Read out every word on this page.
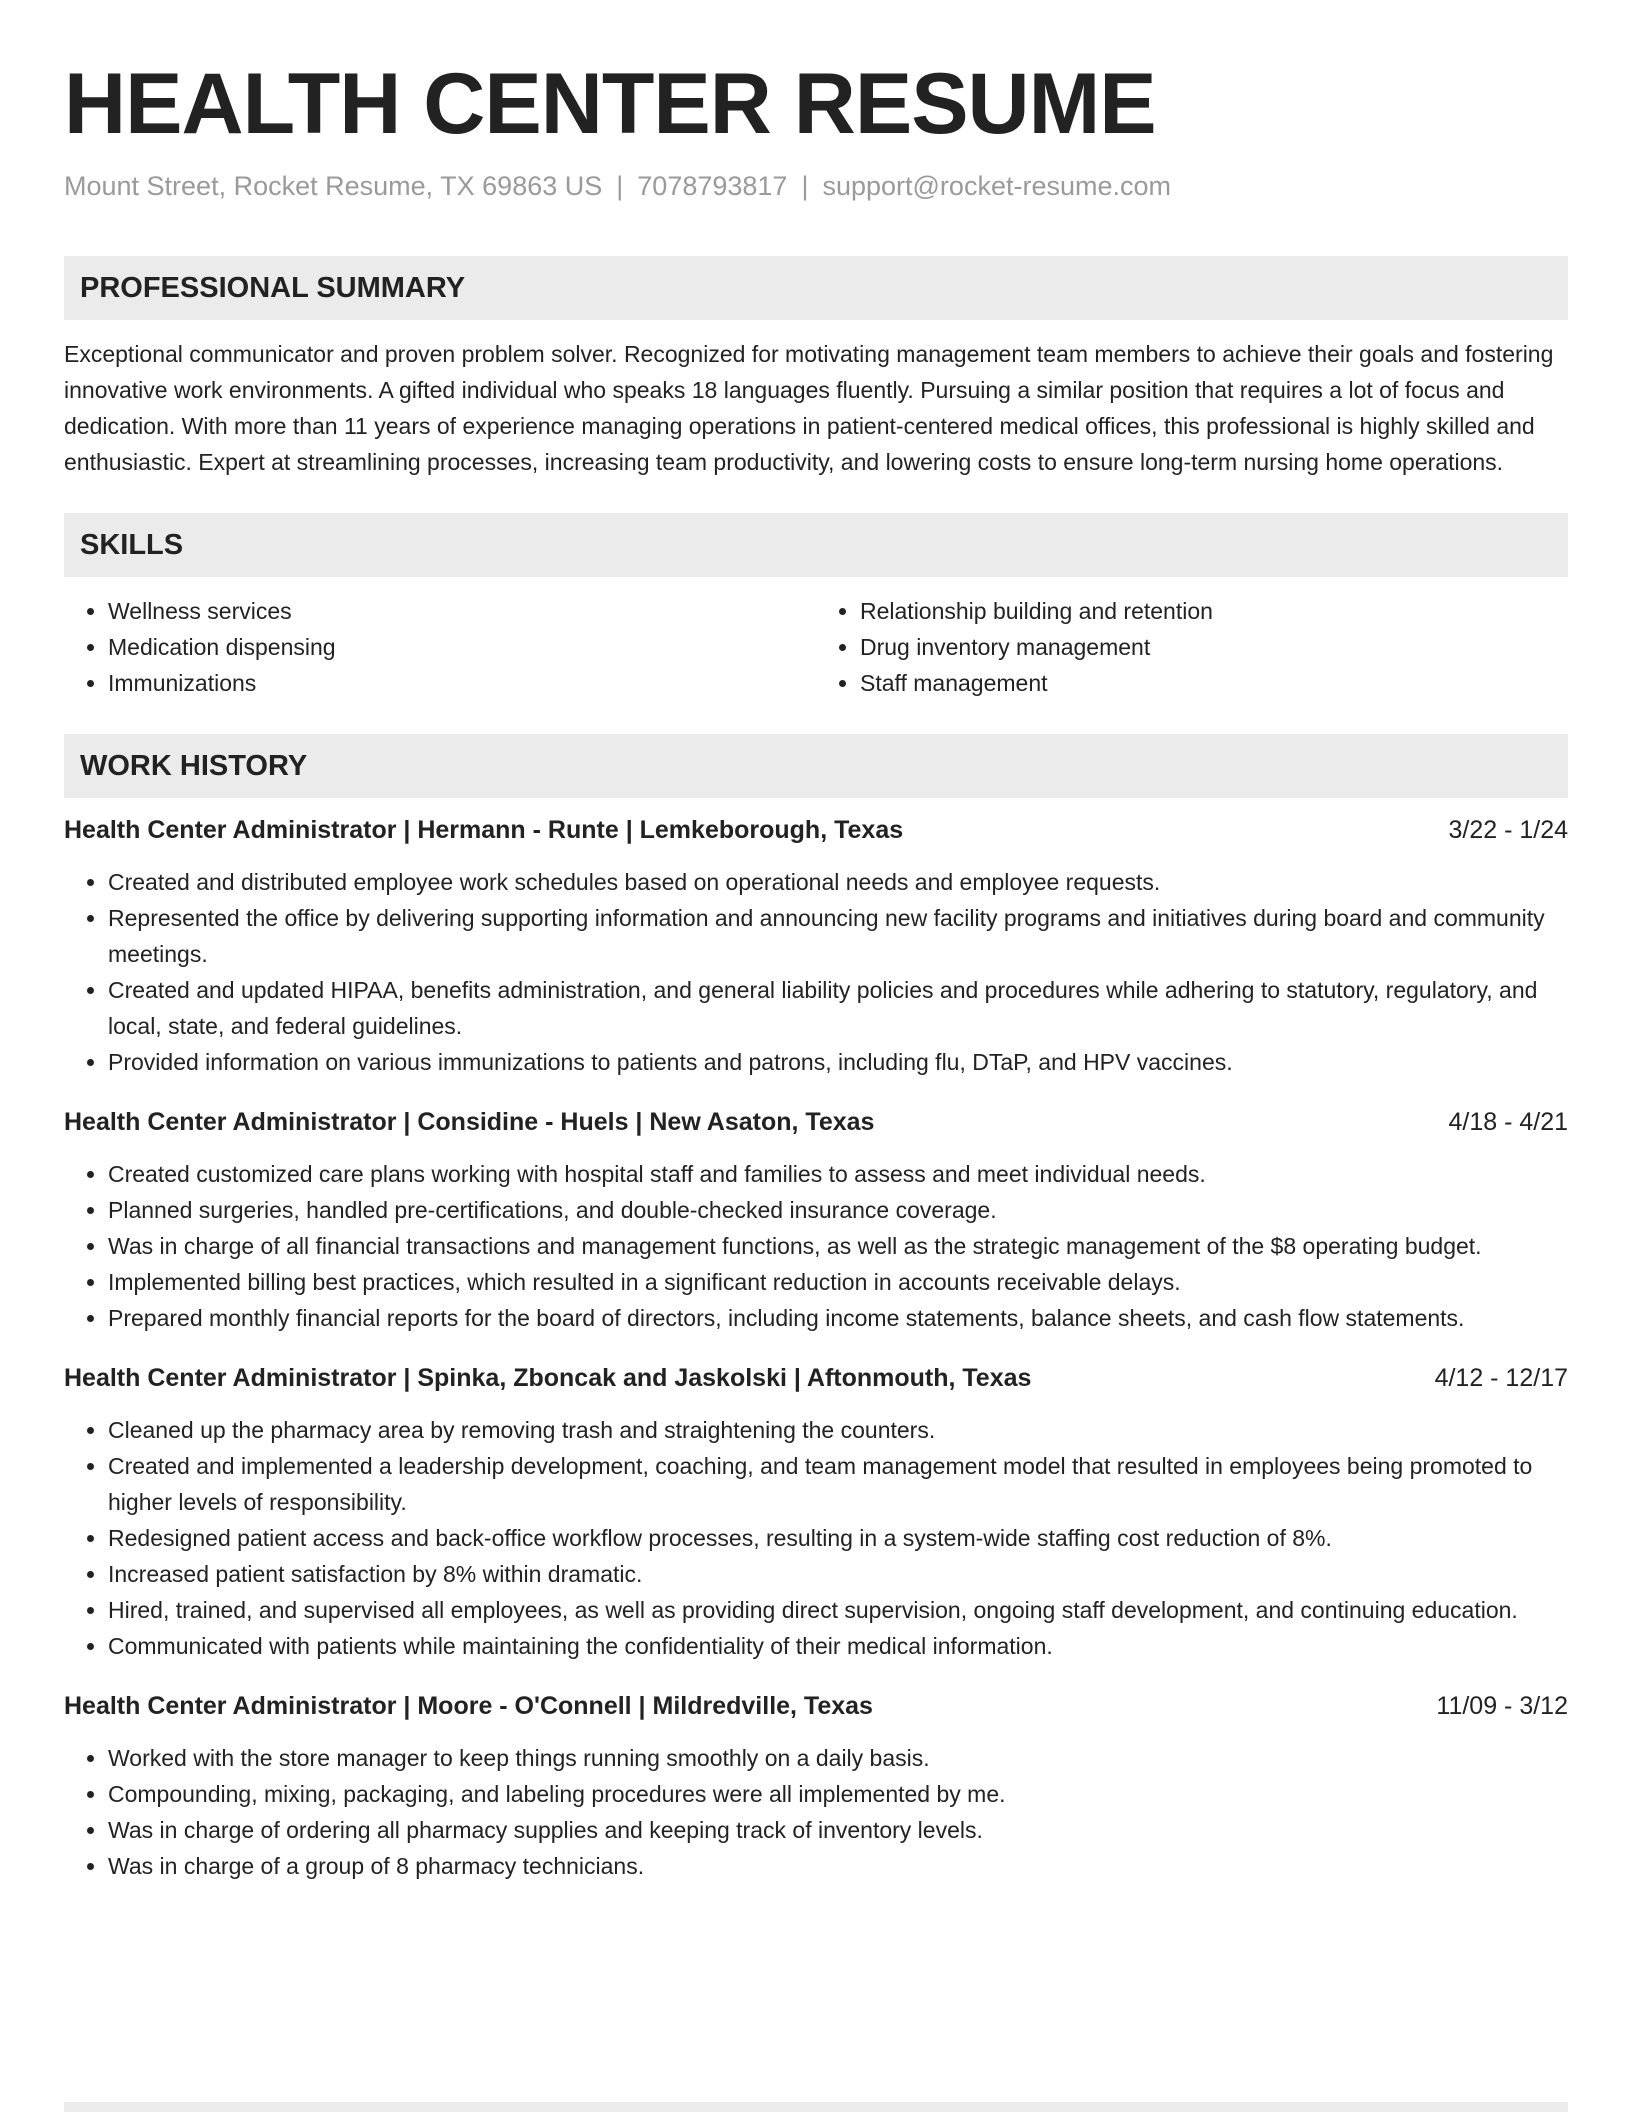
HEALTH CENTER RESUME
Mount Street, Rocket Resume, TX 69863 US | 7078793817 | support@rocket-resume.com
PROFESSIONAL SUMMARY

Exceptional communicator and proven problem solver. Recognized for motivating management team members to achieve their goals and fostering innovative work environments. A gifted individual who speaks 18 languages fluently. Pursuing a similar position that requires a lot of focus and dedication. With more than 11 years of experience managing operations in patient-centered medical offices, this professional is highly skilled and enthusiastic. Expert at streamlining processes, increasing team productivity, and lowering costs to ensure long-term nursing home operations.

SKILLS
• Wellness services
• Medication dispensing
• Immunizations
• Relationship building and retention
• Drug inventory management
• Staff management
WORK HISTORY
Health Center Administrator | Hermann - Runte | Lemkeborough, Texas	3/22 - 1/24
• Created and distributed employee work schedules based on operational needs and employee requests.
• Represented the office by delivering supporting information and announcing new facility programs and initiatives during board and community meetings.
• Created and updated HIPAA, benefits administration, and general liability policies and procedures while adhering to statutory, regulatory, and local, state, and federal guidelines.
• Provided information on various immunizations to patients and patrons, including flu, DTaP, and HPV vaccines.
Health Center Administrator | Considine - Huels | New Asaton, Texas	4/18 - 4/21
• Created customized care plans working with hospital staff and families to assess and meet individual needs.
• Planned surgeries, handled pre-certifications, and double-checked insurance coverage.
• Was in charge of all financial transactions and management functions, as well as the strategic management of the $8 operating budget.
• Implemented billing best practices, which resulted in a significant reduction in accounts receivable delays.
• Prepared monthly financial reports for the board of directors, including income statements, balance sheets, and cash flow statements.
Health Center Administrator | Spinka, Zboncak and Jaskolski | Aftonmouth, Texas	4/12 - 12/17
• Cleaned up the pharmacy area by removing trash and straightening the counters.
• Created and implemented a leadership development, coaching, and team management model that resulted in employees being promoted to higher levels of responsibility.
• Redesigned patient access and back-office workflow processes, resulting in a system-wide staffing cost reduction of 8%.
• Increased patient satisfaction by 8% within dramatic.
• Hired, trained, and supervised all employees, as well as providing direct supervision, ongoing staff development, and continuing education.
• Communicated with patients while maintaining the confidentiality of their medical information.
Health Center Administrator | Moore - O'Connell | Mildredville, Texas	11/09 - 3/12
• Worked with the store manager to keep things running smoothly on a daily basis.
• Compounding, mixing, packaging, and labeling procedures were all implemented by me.
• Was in charge of ordering all pharmacy supplies and keeping track of inventory levels.
• Was in charge of a group of 8 pharmacy technicians.
